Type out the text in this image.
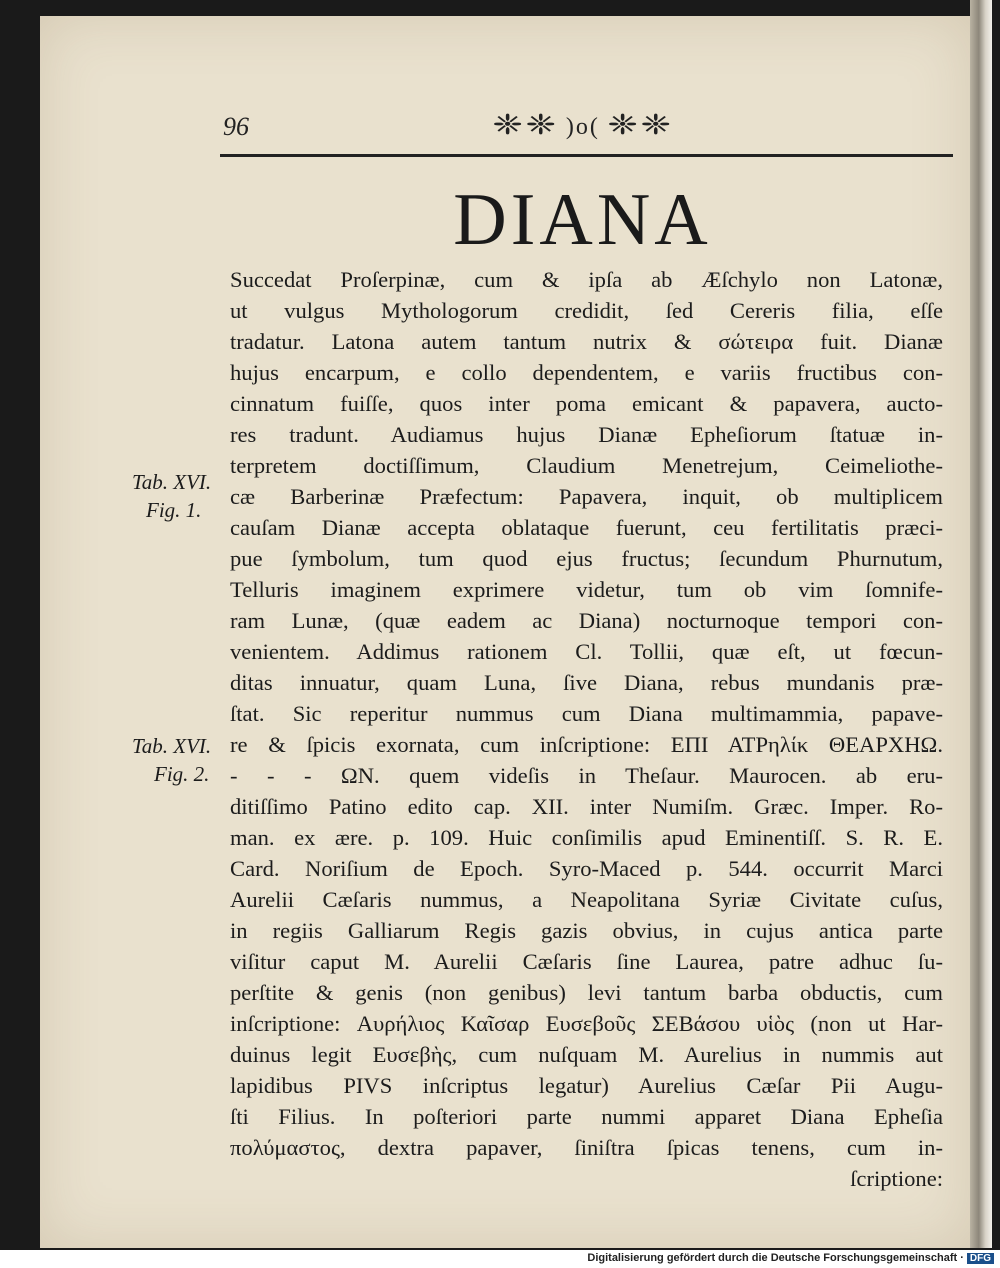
96	❈❈ )o( ❈❈
DIANA
Tab. XVI.
Fig. 1.
Tab. XVI.
Fig. 2.
Succedat Proſerpinæ, cum & ipſa ab Æſchylo non Latonæ,
ut vulgus Mythologorum credidit, ſed Cereris filia, eſſe
tradatur. Latona autem tantum nutrix & σώτειρα fuit. Dianæ
hujus encarpum, e collo dependentem, e variis fructibus con-
cinnatum fuiſſe, quos inter poma emicant & papavera, aucto-
res tradunt. Audiamus hujus Dianæ Epheſiorum ſtatuæ in-
terpretem doctiſſimum, Claudium Menetrejum, Ceimeliothe-
cæ Barberinæ Præfectum: Papavera, inquit, ob multiplicem
cauſam Dianæ accepta oblataque fuerunt, ceu fertilitatis præci-
pue ſymbolum, tum quod ejus fructus; ſecundum Phurnutum,
Telluris imaginem exprimere videtur, tum ob vim ſomnife-
ram Lunæ, (quæ eadem ac Diana) nocturnoque tempori con-
venientem. Addimus rationem Cl. Tollii, quæ eſt, ut fœcun-
ditas innuatur, quam Luna, ſive Diana, rebus mundanis præ-
ſtat. Sic reperitur nummus cum Diana multimammia, papave-
re & ſpicis exornata, cum inſcriptione: ΕΠΙ ΑΤΡηλίκ ΘΕΑΡΧΗΩ.
- - - ΩΝ. quem videſis in Theſaur. Maurocen. ab eru-
ditiſſimo Patino edito cap. XII. inter Numiſm. Græc. Imper. Ro-
man. ex ære. p. 109. Huic conſimilis apud Eminentiſſ. S. R. E.
Card. Noriſium de Epoch. Syro-Maced p. 544. occurrit Marci
Aurelii Cæſaris nummus, a Neapolitana Syriæ Civitate cuſus,
in regiis Galliarum Regis gazis obvius, in cujus antica parte
viſitur caput M. Aurelii Cæſaris ſine Laurea, patre adhuc ſu-
perſtite & genis (non genibus) levi tantum barba obductis, cum
inſcriptione: Αυρήλιος Καῖσαρ Ευσεβοῦς ΣΕΒάσου υἱὸς (non ut Har-
duinus legit Ευσεβὴς, cum nuſquam M. Aurelius in nummis aut
lapidibus PIVS inſcriptus legatur) Aurelius Cæſar Pii Augu-
ſti Filius. In poſteriori parte nummi apparet Diana Epheſia
πολύμαστος, dextra papaver, ſiniſtra ſpicas tenens, cum in-
ſcriptione:
Digitalisierung gefördert durch die Deutsche Forschungsgemeinschaft · DFG
